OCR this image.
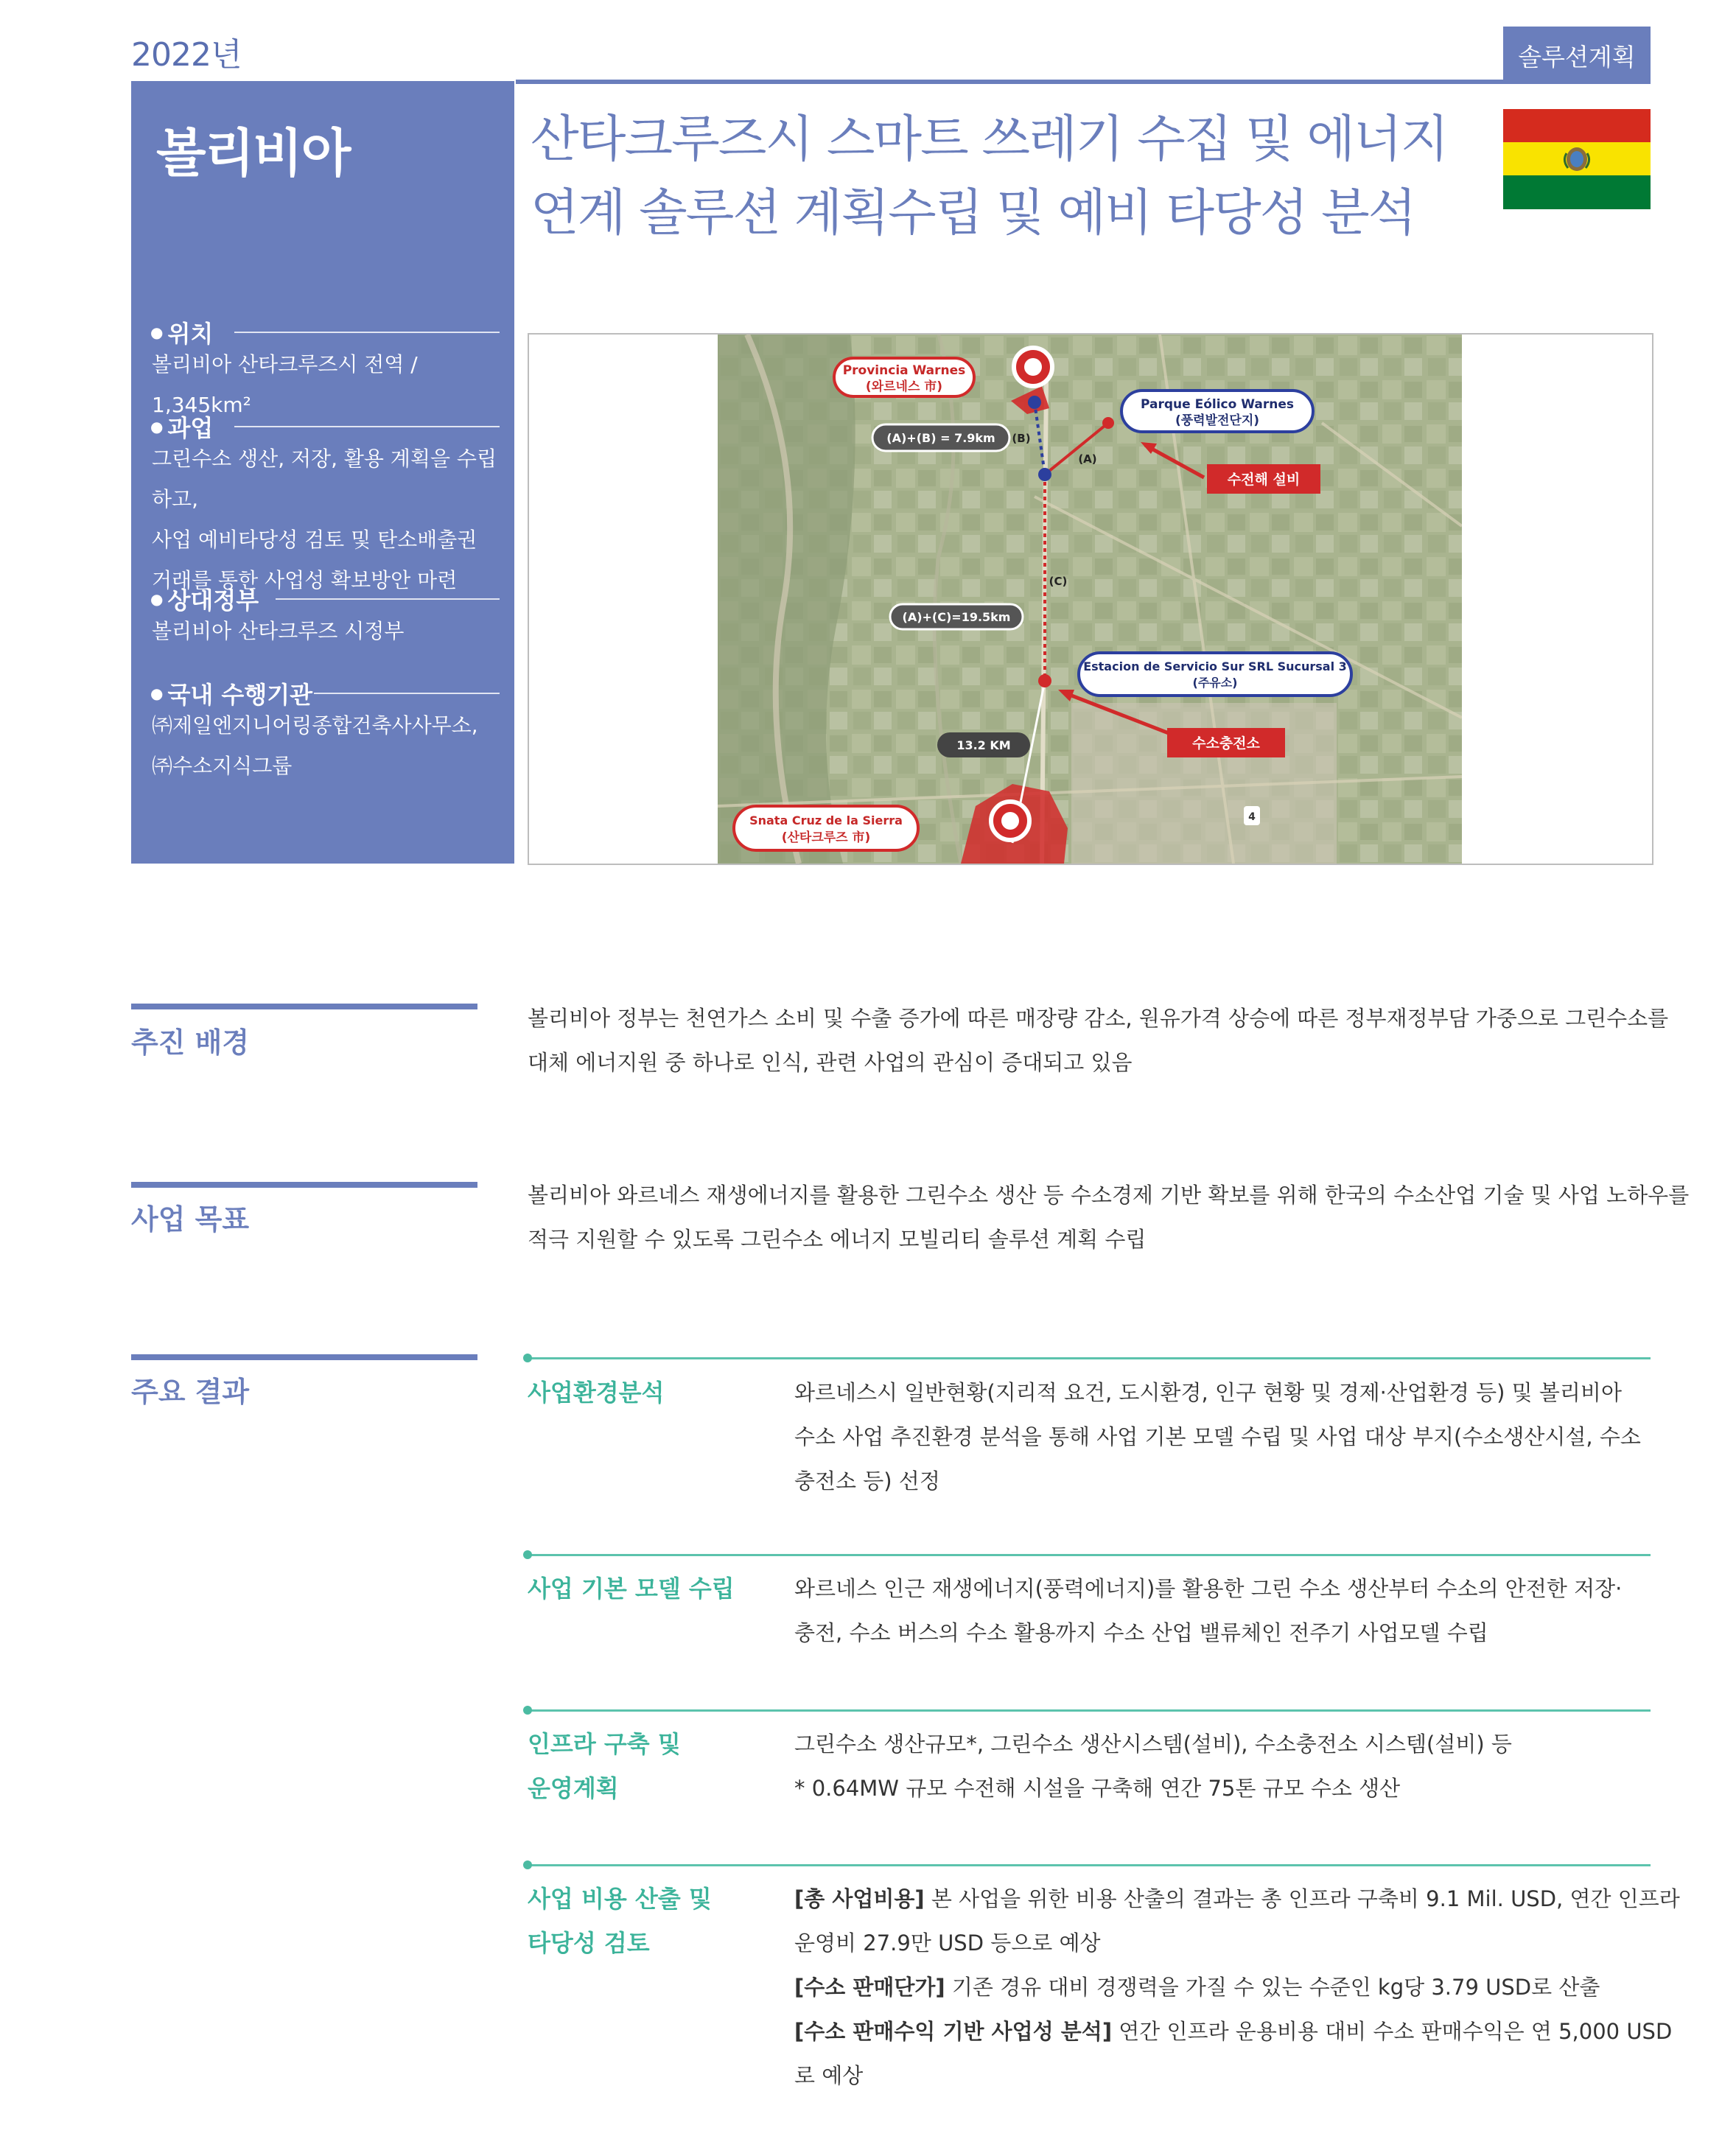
2022년	솔루션계획
볼리비아
● 위치
볼리비아 산타크루즈시 전역 / 1,345km²
● 과업
그린수소 생산, 저장, 활용 계획을 수립하고,
사업 예비타당성 검토 및 탄소배출권
거래를 통한 사업성 확보방안 마련
● 상대정부
볼리비아 산타크루즈 시정부
● 국내 수행기관
㈜제일엔지니어링종합건축사사무소,
㈜수소지식그룹
산타크루즈시 스마트 쓰레기 수집 및 에너지
연계 솔루션 계획수립 및 예비 타당성 분석
Provincia Warnes
(와르네스 市)
Parque Eólico Warnes
(풍력발전단지)
수전해 설비
(A)+(B) = 7.9km (B)
(A)
(C)
(A)+(C)=19.5km
Estacion de Servicio Sur SRL Sucursal 3
(주유소)
수소충전소
13.2 KM
Snata Cruz de la Sierra
(산타크루즈 市)
4
추진 배경
볼리비아 정부는 천연가스 소비 및 수출 증가에 따른 매장량 감소, 원유가격 상승에 따른 정부재정부담 가중으로 그린수소를
대체 에너지원 중 하나로 인식, 관련 사업의 관심이 증대되고 있음
사업 목표
볼리비아 와르네스 재생에너지를 활용한 그린수소 생산 등 수소경제 기반 확보를 위해 한국의 수소산업 기술 및 사업 노하우를
적극 지원할 수 있도록 그린수소 에너지 모빌리티 솔루션 계획 수립
주요 결과	사업환경분석	와르네스시 일반현황(지리적 요건, 도시환경, 인구 현황 및 경제·산업환경 등) 및 볼리비아
수소 사업 추진환경 분석을 통해 사업 기본 모델 수립 및 사업 대상 부지(수소생산시설, 수소
충전소 등) 선정
사업 기본 모델 수립	와르네스 인근 재생에너지(풍력에너지)를 활용한 그린 수소 생산부터 수소의 안전한 저장·
충전, 수소 버스의 수소 활용까지 수소 산업 밸류체인 전주기 사업모델 수립
인프라 구축 및
운영계획
그린수소 생산규모*, 그린수소 생산시스템(설비), 수소충전소 시스템(설비) 등
* 0.64MW 규모 수전해 시설을 구축해 연간 75톤 규모 수소 생산
사업 비용 산출 및
타당성 검토
[총 사업비용] 본 사업을 위한 비용 산출의 결과는 총 인프라 구축비 9.1 Mil. USD, 연간 인프라
운영비 27.9만 USD 등으로 예상
[수소 판매단가] 기존 경유 대비 경쟁력을 가질 수 있는 수준인 kg당 3.79 USD로 산출
[수소 판매수익 기반 사업성 분석] 연간 인프라 운용비용 대비 수소 판매수익은 연 5,000 USD
로 예상
